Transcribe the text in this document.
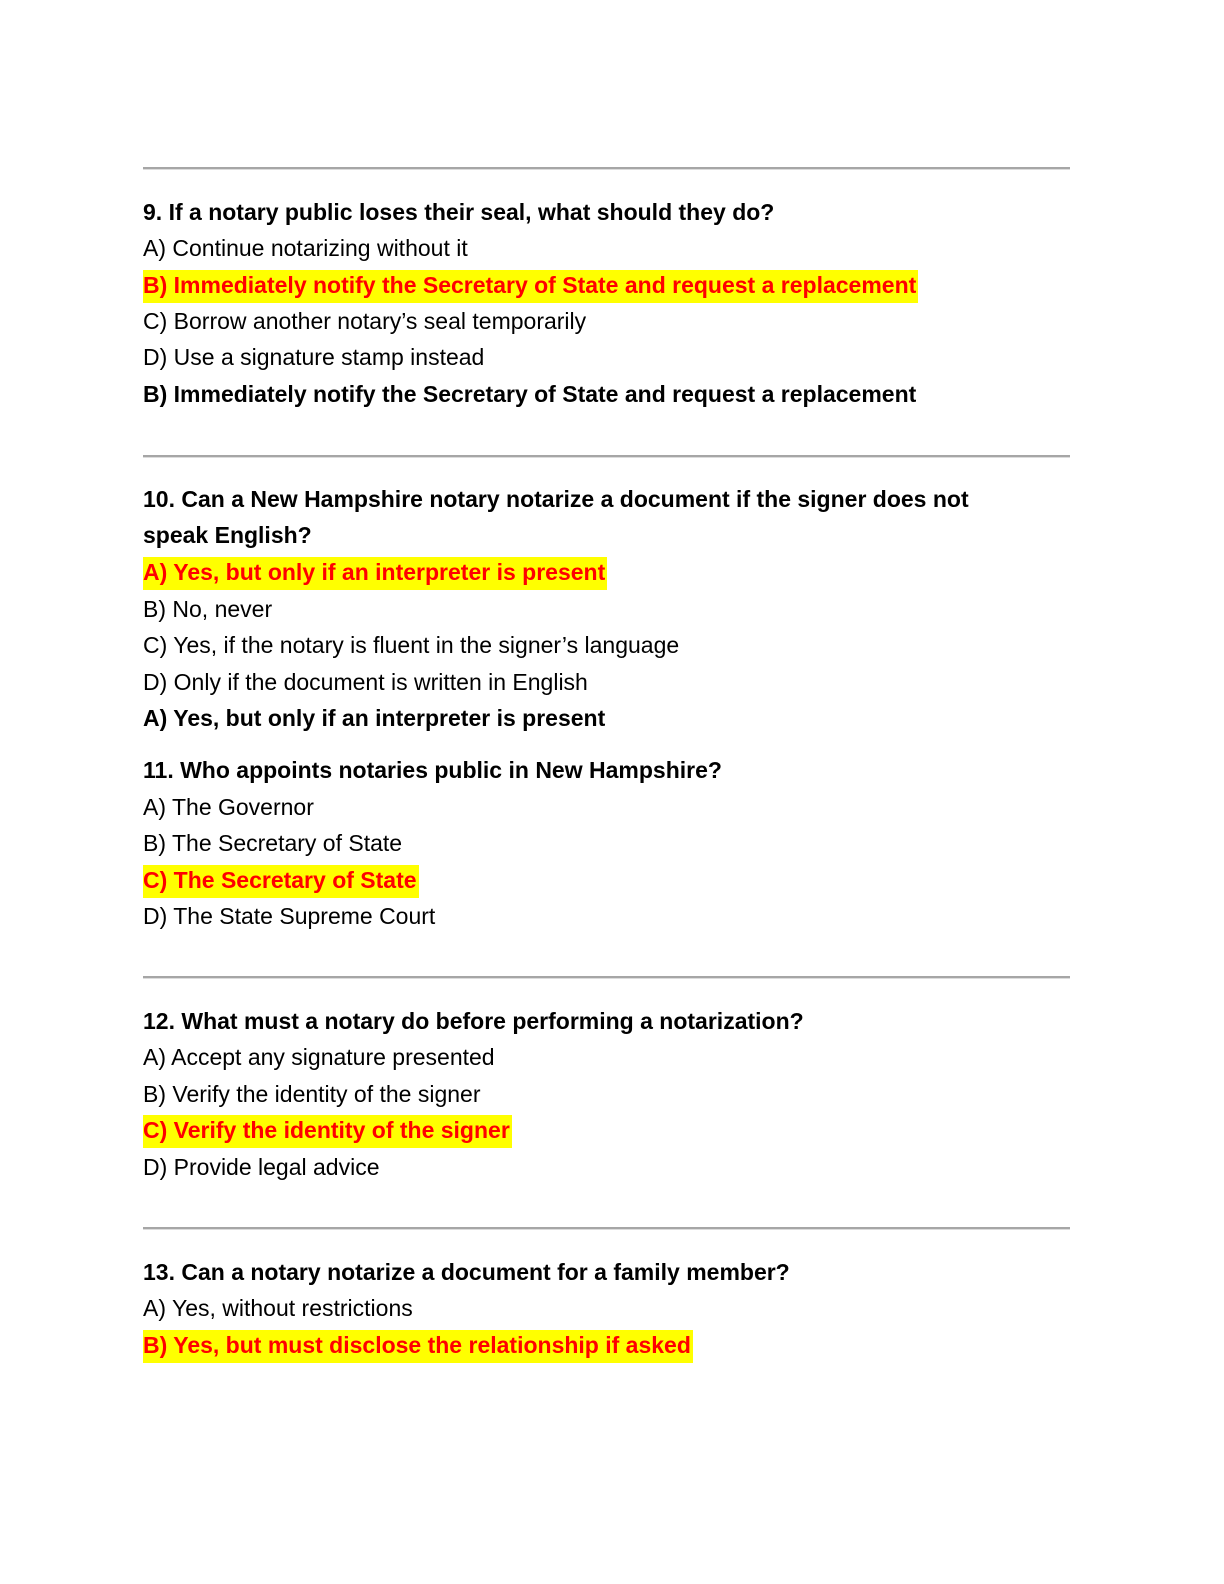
9. If a notary public loses their seal, what should they do?
A) Continue notarizing without it
B) Immediately notify the Secretary of State and request a replacement
C) Borrow another notary’s seal temporarily
D) Use a signature stamp instead
B) Immediately notify the Secretary of State and request a replacement
10. Can a New Hampshire notary notarize a document if the signer does not
speak English?
A) Yes, but only if an interpreter is present
B) No, never
C) Yes, if the notary is fluent in the signer’s language
D) Only if the document is written in English
A) Yes, but only if an interpreter is present
11. Who appoints notaries public in New Hampshire?
A) The Governor
B) The Secretary of State
C) The Secretary of State
D) The State Supreme Court
12. What must a notary do before performing a notarization?
A) Accept any signature presented
B) Verify the identity of the signer
C) Verify the identity of the signer
D) Provide legal advice
13. Can a notary notarize a document for a family member?
A) Yes, without restrictions
B) Yes, but must disclose the relationship if asked
